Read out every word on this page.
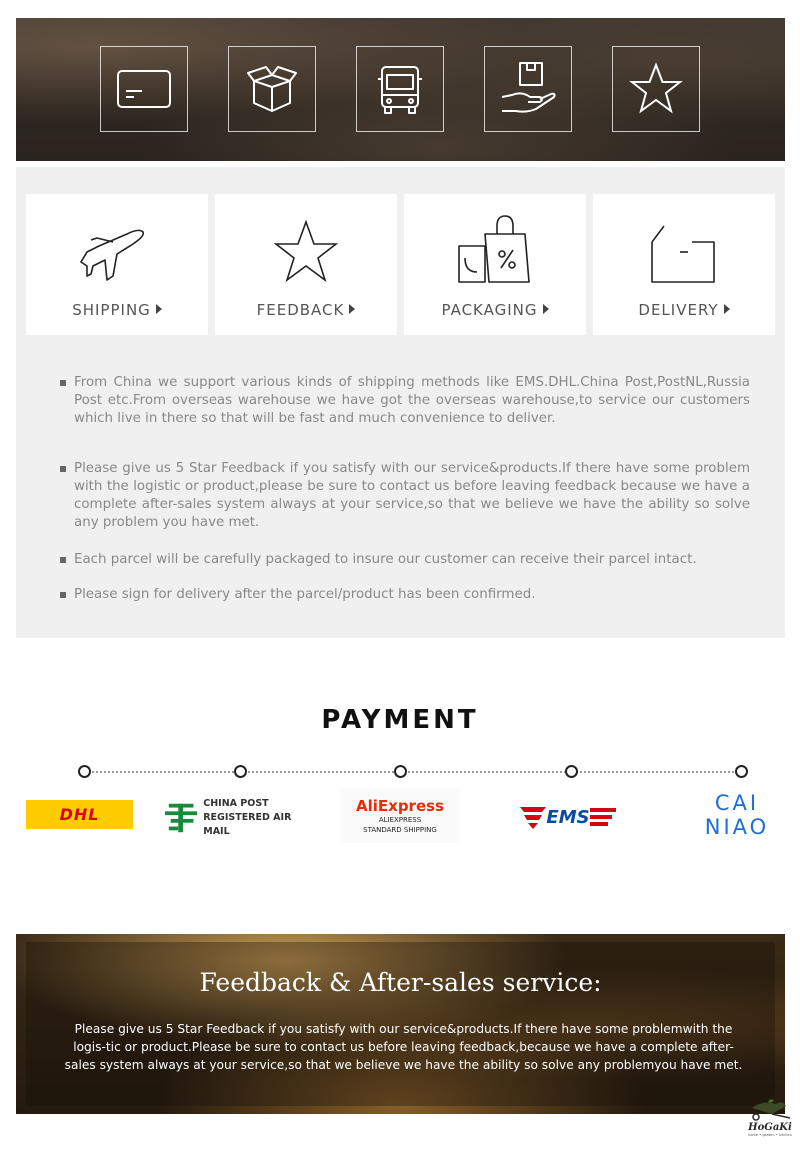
SHIPPING	FEEDBACK	PACKAGING	DELIVERY

From China we support various kinds of shipping methods like EMS.DHL.China Post,PostNL,Russia Post etc.From overseas warehouse we have got the overseas warehouse,to service our customers which live in there so that will be fast and much convenience to deliver.

Please give us 5 Star Feedback if you satisfy with our service&products.If there have some problem with the logistic or product,please be sure to contact us before leaving feedback because we have a complete after-sales system always at your service,so that we believe we have the ability so solve any problem you have met.

Each parcel will be carefully packaged to insure our customer can receive their parcel intact.

Please sign for delivery after the parcel/product has been confirmed.

PAYMENT
DHL
CHINA POST
REGISTERED AIR MAIL
AliExpress
ALIEXPRESS
STANDARD SHIPPING
EMS
CAI
NIAO
Feedback & After-sales service:
Please give us 5 Star Feedback if you satisfy with our service&products.If there have some problemwith the logis-tic or product.Please be sure to contact us before leaving feedback,because we have a complete after-sales system always at your service,so that we believe we have the ability so solve any problemyou have met.
HoGaKi
home • garden • kitchen
